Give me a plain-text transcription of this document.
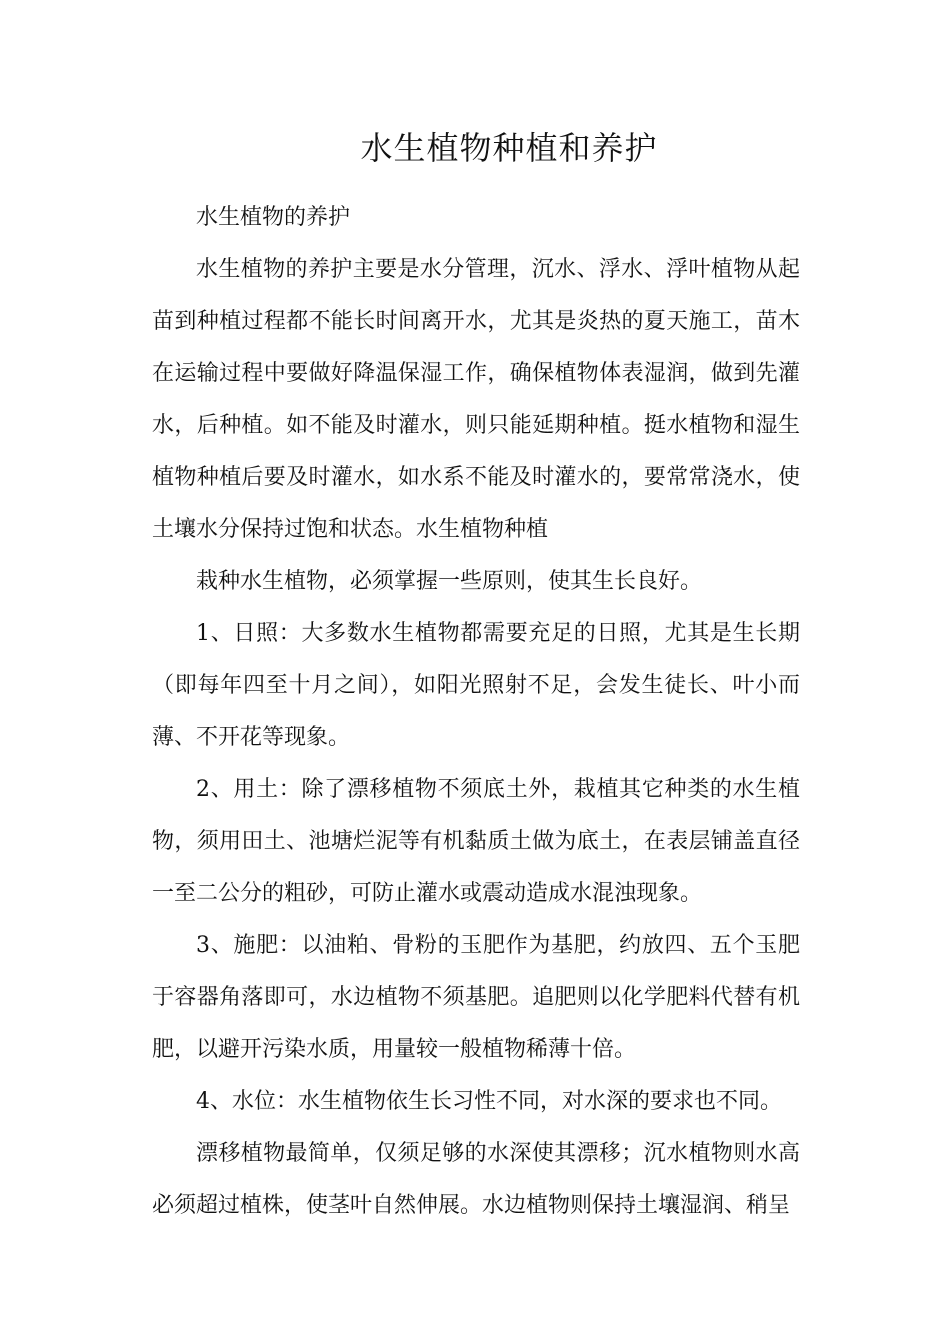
水生植物种植和养护

水生植物的养护

水生植物的养护主要是水分管理，沉水、浮水、浮叶植物从起苗到种植过程都不能长时间离开水，尤其是炎热的夏天施工，苗木在运输过程中要做好降温保湿工作，确保植物体表湿润，做到先灌水，后种植。如不能及时灌水，则只能延期种植。挺水植物和湿生植物种植后要及时灌水，如水系不能及时灌水的，要常常浇水，使土壤水分保持过饱和状态。水生植物种植

栽种水生植物，必须掌握一些原则，使其生长良好。

1、日照：大多数水生植物都需要充足的日照，尤其是生长期（即每年四至十月之间），如阳光照射不足，会发生徒长、叶小而薄、不开花等现象。

2、用土：除了漂移植物不须底土外，栽植其它种类的水生植物，须用田土、池塘烂泥等有机黏质土做为底土，在表层铺盖直径一至二公分的粗砂，可防止灌水或震动造成水混浊现象。

3、施肥：以油粕、骨粉的玉肥作为基肥，约放四、五个玉肥于容器角落即可，水边植物不须基肥。追肥则以化学肥料代替有机肥，以避开污染水质，用量较一般植物稀薄十倍。

4、水位：水生植物依生长习性不同，对水深的要求也不同。

漂移植物最简单，仅须足够的水深使其漂移；沉水植物则水高必须超过植株，使茎叶自然伸展。水边植物则保持土壤湿润、稍呈
